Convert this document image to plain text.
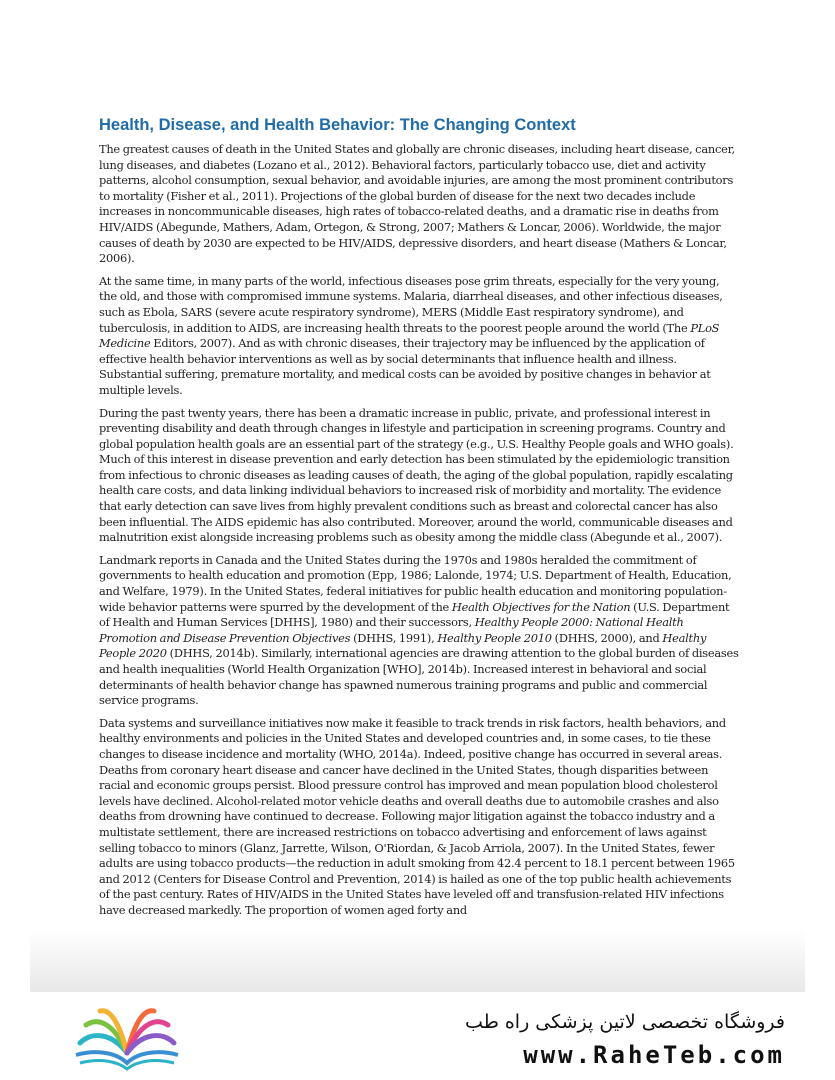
Health, Disease, and Health Behavior: The Changing Context

The greatest causes of death in the United States and globally are chronic diseases, including heart disease, cancer, lung diseases, and diabetes (Lozano et al., 2012). Behavioral factors, particularly tobacco use, diet and activity patterns, alcohol consumption, sexual behavior, and avoidable injuries, are among the most prominent contributors to mortality (Fisher et al., 2011). Projections of the global burden of disease for the next two decades include increases in noncommunicable diseases, high rates of tobacco-related deaths, and a dramatic rise in deaths from HIV/AIDS (Abegunde, Mathers, Adam, Ortegon, & Strong, 2007; Mathers & Loncar, 2006). Worldwide, the major causes of death by 2030 are expected to be HIV/AIDS, depressive disorders, and heart disease (Mathers & Loncar, 2006).

At the same time, in many parts of the world, infectious diseases pose grim threats, especially for the very young, the old, and those with compromised immune systems. Malaria, diarrheal diseases, and other infectious diseases, such as Ebola, SARS (severe acute respiratory syndrome), MERS (Middle East respiratory syndrome), and tuberculosis, in addition to AIDS, are increasing health threats to the poorest people around the world (The PLoS Medicine Editors, 2007). And as with chronic diseases, their trajectory may be influenced by the application of effective health behavior interventions as well as by social determinants that influence health and illness. Substantial suffering, premature mortality, and medical costs can be avoided by positive changes in behavior at multiple levels.

During the past twenty years, there has been a dramatic increase in public, private, and professional interest in preventing disability and death through changes in lifestyle and participation in screening programs. Country and global population health goals are an essential part of the strategy (e.g., U.S. Healthy People goals and WHO goals). Much of this interest in disease prevention and early detection has been stimulated by the epidemiologic transition from infectious to chronic diseases as leading causes of death, the aging of the global population, rapidly escalating health care costs, and data linking individual behaviors to increased risk of morbidity and mortality. The evidence that early detection can save lives from highly prevalent conditions such as breast and colorectal cancer has also been influential. The AIDS epidemic has also contributed. Moreover, around the world, communicable diseases and malnutrition exist alongside increasing problems such as obesity among the middle class (Abegunde et al., 2007).

Landmark reports in Canada and the United States during the 1970s and 1980s heralded the commitment of governments to health education and promotion (Epp, 1986; Lalonde, 1974; U.S. Department of Health, Education, and Welfare, 1979). In the United States, federal initiatives for public health education and monitoring population-wide behavior patterns were spurred by the development of the Health Objectives for the Nation (U.S. Department of Health and Human Services [DHHS], 1980) and their successors, Healthy People 2000: National Health Promotion and Disease Prevention Objectives (DHHS, 1991), Healthy People 2010 (DHHS, 2000), and Healthy People 2020 (DHHS, 2014b). Similarly, international agencies are drawing attention to the global burden of diseases and health inequalities (World Health Organization [WHO], 2014b). Increased interest in behavioral and social determinants of health behavior change has spawned numerous training programs and public and commercial service programs.

Data systems and surveillance initiatives now make it feasible to track trends in risk factors, health behaviors, and healthy environments and policies in the United States and developed countries and, in some cases, to tie these changes to disease incidence and mortality (WHO, 2014a). Indeed, positive change has occurred in several areas. Deaths from coronary heart disease and cancer have declined in the United States, though disparities between racial and economic groups persist. Blood pressure control has improved and mean population blood cholesterol levels have declined. Alcohol-related motor vehicle deaths and overall deaths due to automobile crashes and also deaths from drowning have continued to decrease. Following major litigation against the tobacco industry and a multistate settlement, there are increased restrictions on tobacco advertising and enforcement of laws against selling tobacco to minors (Glanz, Jarrette, Wilson, O'Riordan, & Jacob Arriola, 2007). In the United States, fewer adults are using tobacco products—the reduction in adult smoking from 42.4 percent to 18.1 percent between 1965 and 2012 (Centers for Disease Control and Prevention, 2014) is hailed as one of the top public health achievements of the past century. Rates of HIV/AIDS in the United States have leveled off and transfusion-related HIV infections have decreased markedly. The proportion of women aged forty and

فروشگاه تخصصی لاتین پزشکی راه طب
www.RaheTeb.com
